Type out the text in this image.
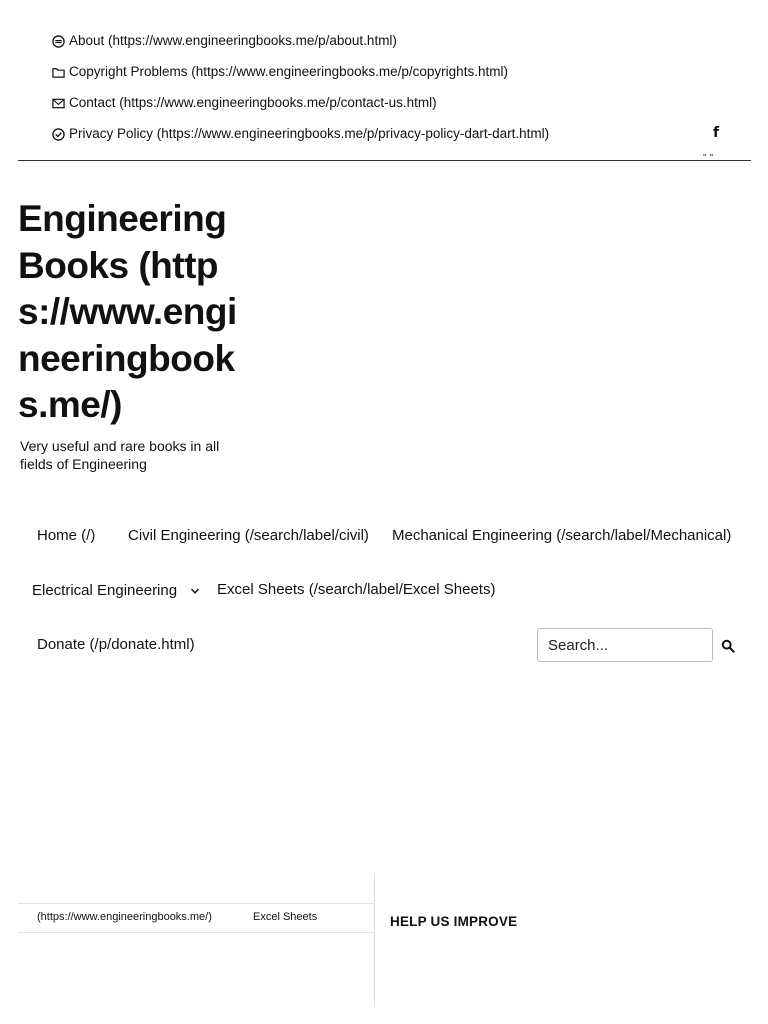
About (https://www.engineeringbooks.me/p/about.html)
Copyright Problems (https://www.engineeringbooks.me/p/copyrights.html)
Contact (https://www.engineeringbooks.me/p/contact-us.html)
Privacy Policy (https://www.engineeringbooks.me/p/privacy-policy-dart-dart.html)	f
" ''
Engineering Books (https://www.engineeringbooks.me/)
Very useful and rare books in all fields of Engineering
Home (/) Civil Engineering (/search/label/civil) Mechanical Engineering (/search/label/Mechanical)
Electrical Engineering	Excel Sheets (/search/label/Excel Sheets)
Donate (/p/donate.html)
Search...
(https://www.engineeringbooks.me/)	Excel Sheets	HELP US IMPROVE
